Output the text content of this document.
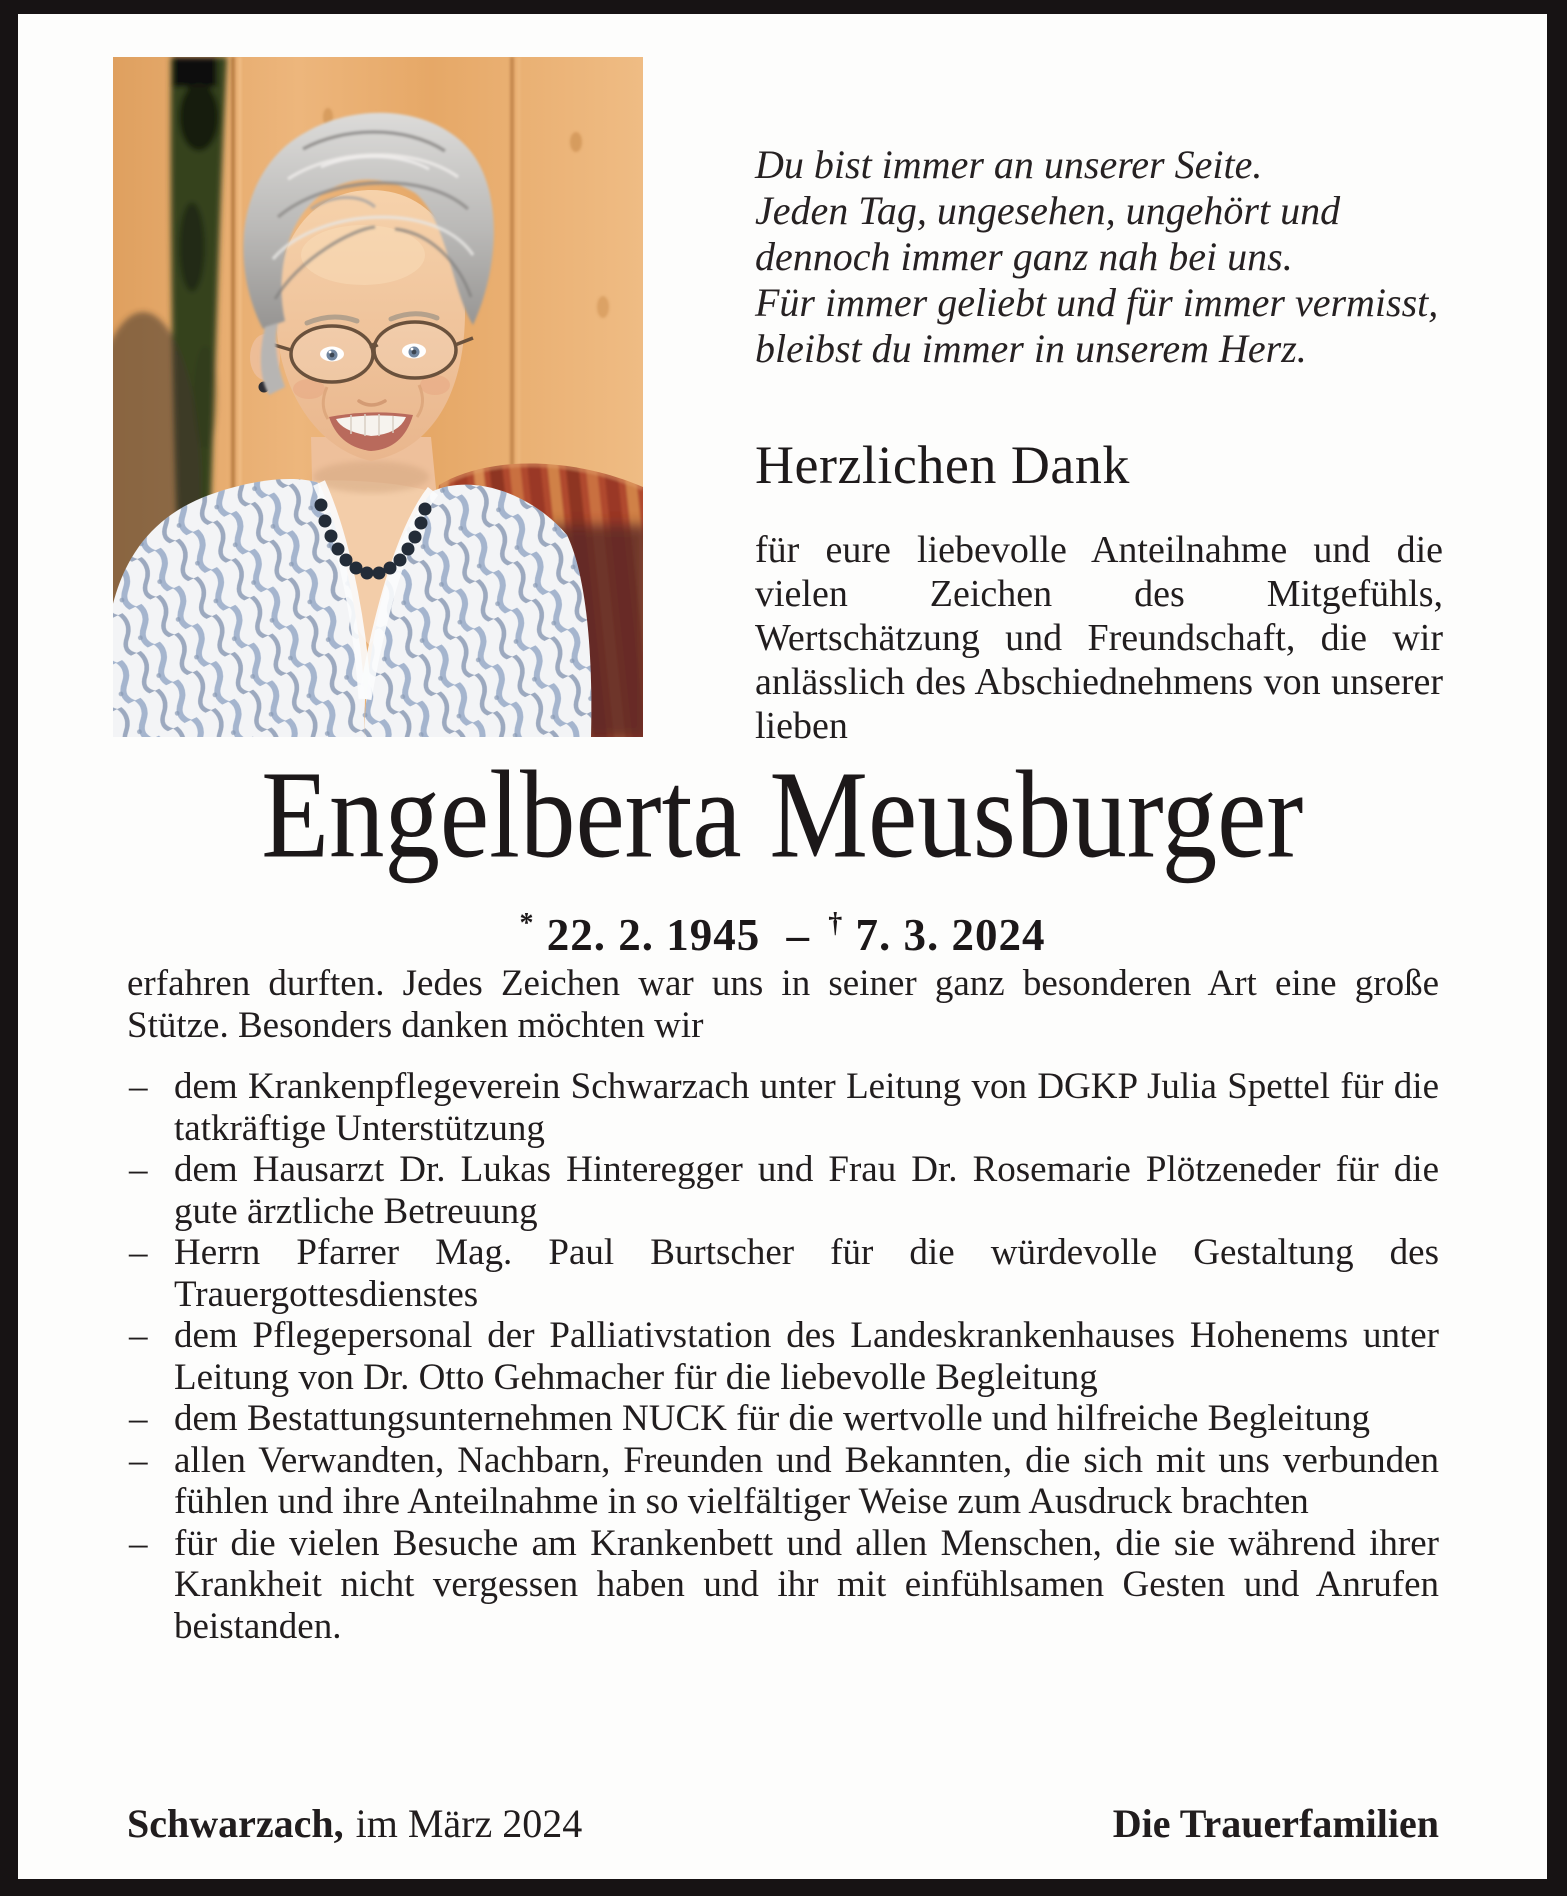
Du bist immer an unserer Seite.
Jeden Tag, ungesehen, ungehört und
dennoch immer ganz nah bei uns.
Für immer geliebt und für immer vermisst,
bleibst du immer in unserem Herz.
Herzlichen Dank
für eure liebevolle Anteilnahme und die vielen Zeichen des Mitgefühls, Wertschätzung und Freundschaft, die wir anlässlich des Abschiednehmens von unserer lieben
Engelberta Meusburger
* 22. 2. 1945 – † 7. 3. 2024
erfahren durften. Jedes Zeichen war uns in seiner ganz besonderen Art eine große Stütze. Besonders danken möchten wir
– dem Krankenpflegeverein Schwarzach unter Leitung von DGKP Julia Spettel für die tatkräftige Unterstützung
– dem Hausarzt Dr. Lukas Hinteregger und Frau Dr. Rosemarie Plötzeneder für die gute ärztliche Betreuung
– Herrn Pfarrer Mag. Paul Burtscher für die würdevolle Gestaltung des Trauergottesdienstes
– dem Pflegepersonal der Palliativstation des Landeskrankenhauses Hohenems unter Leitung von Dr. Otto Gehmacher für die liebevolle Begleitung
– dem Bestattungsunternehmen NUCK für die wertvolle und hilfreiche Begleitung
– allen Verwandten, Nachbarn, Freunden und Bekannten, die sich mit uns verbunden fühlen und ihre Anteilnahme in so vielfältiger Weise zum Ausdruck brachten
– für die vielen Besuche am Krankenbett und allen Menschen, die sie während ihrer Krankheit nicht vergessen haben und ihr mit einfühlsamen Gesten und Anrufen beistanden.
Schwarzach, im März 2024	Die Trauerfamilien
